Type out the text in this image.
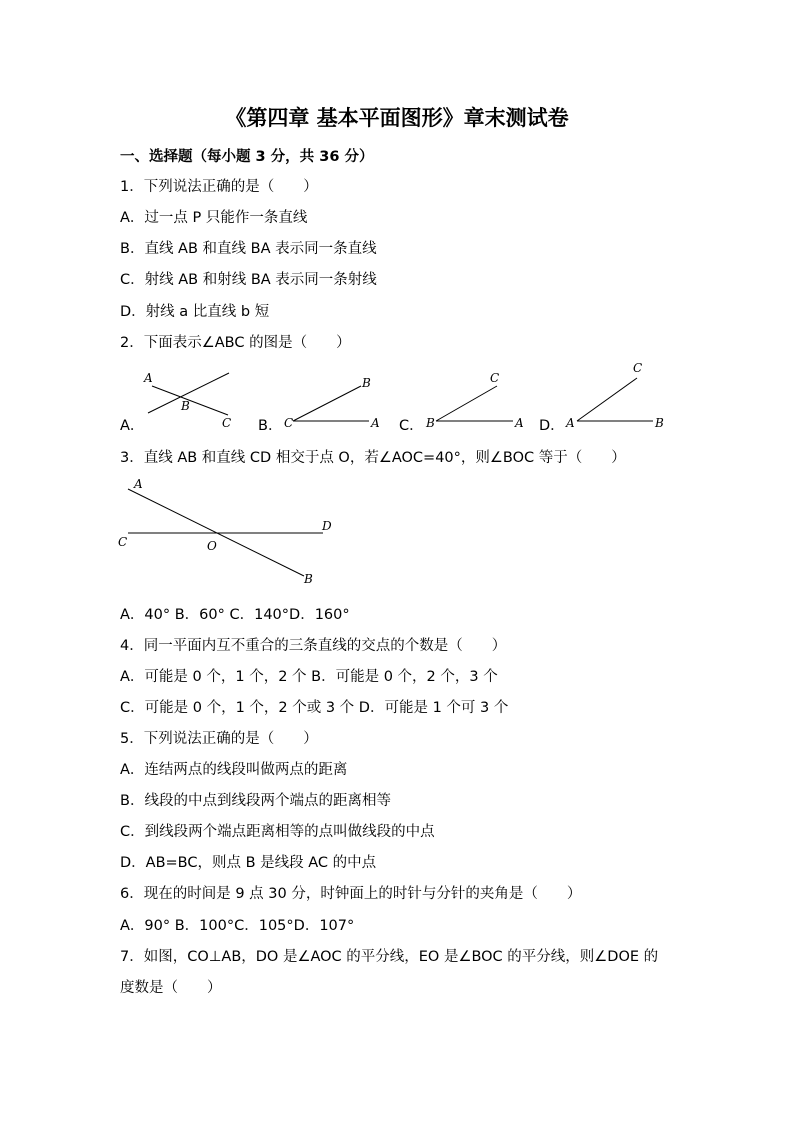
《第四章 基本平面图形》章末测试卷
一、选择题（每小题 3 分，共 36 分）
1．下列说法正确的是（　　）
A．过一点 P 只能作一条直线
B．直线 AB 和直线 BA 表示同一条直线
C．射线 AB 和射线 BA 表示同一条射线
D．射线 a 比直线 b 短
2．下面表示∠ABC 的图是（　　）
A．
A
B
C
B
C	A
C
B	A
C
A	B
A
B
C
D
O
B．	C．	D．
3．直线 AB 和直线 CD 相交于点 O，若∠AOC=40°，则∠BOC 等于（　　）
A．40° B．60° C．140°D．160°
4．同一平面内互不重合的三条直线的交点的个数是（　　）
A．可能是 0 个，1 个，2 个 B．可能是 0 个，2 个，3 个
C．可能是 0 个，1 个，2 个或 3 个 D．可能是 1 个可 3 个
5．下列说法正确的是（　　）
A．连结两点的线段叫做两点的距离
B．线段的中点到线段两个端点的距离相等
C．到线段两个端点距离相等的点叫做线段的中点
D．AB=BC，则点 B 是线段 AC 的中点
6．现在的时间是 9 点 30 分，时钟面上的时针与分针的夹角是（　　）
A．90° B．100°C．105°D．107°
7．如图，CO⊥AB，DO 是∠AOC 的平分线，EO 是∠BOC 的平分线，则∠DOE 的
度数是（　　）
